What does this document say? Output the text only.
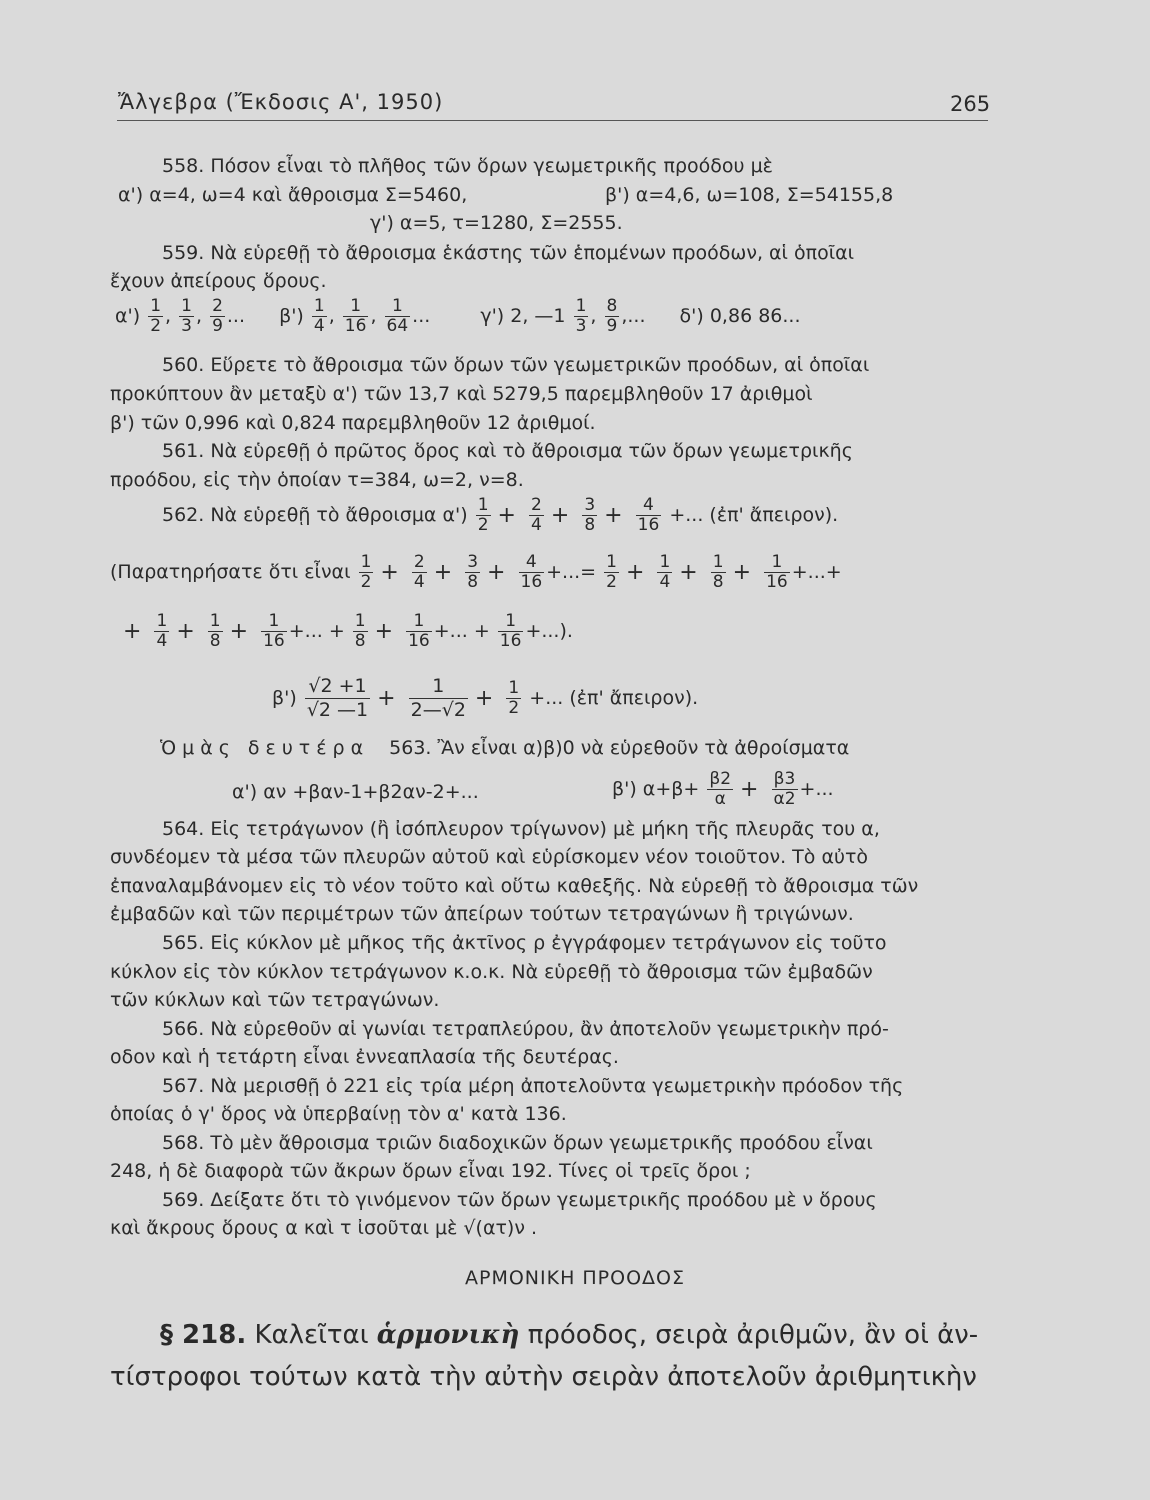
Ἄλγεβρα (Ἔκδοσις Α', 1950)	265
558. Πόσον εἶναι τὸ πλῆθος τῶν ὅρων γεωμετρικῆς προόδου μὲ
α') α=4, ω=4 καὶ ἄθροισμα Σ=5460,	β') α=4,6, ω=108, Σ=54155,8
γ') α=5, τ=1280, Σ=2555.
559. Νὰ εὑρεθῇ τὸ ἄθροισμα ἑκάστης τῶν ἑπομένων προόδων, αἱ ὁποῖαι
ἔχουν ἀπείρους ὅρους.
$\alpha') \frac{1}{2}$ , $\frac{1}{3}$ , $\frac{2}{9}$ ... $\beta') \frac{1}{4}$ , $\frac{1}{16}$ , $\frac{1}{64}$ ...	γ') 2, —1 $\frac{1}{3}$ , $\frac{8}{9}$ ,... δ') 0,86 86...
560. Εὕρετε τὸ ἄθροισμα τῶν ὅρων τῶν γεωμετρικῶν προόδων, αἱ ὁποῖαι
προκύπτουν ἂν μεταξὺ α') τῶν 13,7 καὶ 5279,5 παρεμβληθοῦν 17 ἀριθμοὶ
β') τῶν 0,996 καὶ 0,824 παρεμβληθοῦν 12 ἀριθμοί.
561. Νὰ εὑρεθῇ ὁ πρῶτος ὅρος καὶ τὸ ἄθροισμα τῶν ὅρων γεωμετρικῆς
προόδου, εἰς τὴν ὁποίαν τ=384, ω=2, ν=8.
562. Νὰ εὑρεθῇ τὸ ἄθροισμα $\alpha') \frac{1}{2} + \frac{2}{4} + \frac{3}{8} + \frac{4}{16}$ +... (ἐπ' ἄπειρον).
(Παρατηρήσατε ὅτι εἶναι $\frac{1}{2} + \frac{2}{4} + \frac{3}{8} + \frac{4}{16}$ +...= $\frac{1}{2} + \frac{1}{4} + \frac{1}{8} + \frac{1}{16}$ +...+
+ $\frac{1}{4} + \frac{1}{8} + \frac{1}{16}$ +... + $\frac{1}{8} + \frac{1}{16}$ +... + $\frac{1}{16}$ +...).
$\beta') \frac{√2 +1}{√2 —1} + \frac{1}{2—√2} + \frac{1}{2}$ +... (ἐπ' ἄπειρον).
Ὁμὰς δευτέρα 563. Ἂν εἶναι α)β)0 νὰ εὑρεθοῦν τὰ ἀθροίσματα
α') αν +βαν-1+β2αν-2+...	β') $\alpha+\beta+ \frac{\beta 2}{\alpha} + \frac{\beta 3}{\alpha 2}$ +...
564. Εἰς τετράγωνον (ἢ ἰσόπλευρον τρίγωνον) μὲ μήκη τῆς πλευρᾶς του α,
συνδέομεν τὰ μέσα τῶν πλευρῶν αὐτοῦ καὶ εὑρίσκομεν νέον τοιοῦτον. Τὸ αὐτὸ
ἐπαναλαμβάνομεν εἰς τὸ νέον τοῦτο καὶ οὕτω καθεξῆς. Νὰ εὑρεθῇ τὸ ἄθροισμα τῶν
ἐμβαδῶν καὶ τῶν περιμέτρων τῶν ἀπείρων τούτων τετραγώνων ἢ τριγώνων.
565. Εἰς κύκλον μὲ μῆκος τῆς ἀκτῖνος ρ ἐγγράφομεν τετράγωνον εἰς τοῦτο
κύκλον εἰς τὸν κύκλον τετράγωνον κ.ο.κ. Νὰ εὑρεθῇ τὸ ἄθροισμα τῶν ἐμβαδῶν
τῶν κύκλων καὶ τῶν τετραγώνων.
566. Νὰ εὑρεθοῦν αἱ γωνίαι τετραπλεύρου, ἂν ἀποτελοῦν γεωμετρικὴν πρό-
οδον καὶ ἡ τετάρτη εἶναι ἐννεαπλασία τῆς δευτέρας.
567. Νὰ μερισθῇ ὁ 221 εἰς τρία μέρη ἀποτελοῦντα γεωμετρικὴν πρόοδον τῆς
ὁποίας ὁ γ' ὅρος νὰ ὑπερβαίνῃ τὸν α' κατὰ 136.
568. Τὸ μὲν ἄθροισμα τριῶν διαδοχικῶν ὅρων γεωμετρικῆς προόδου εἶναι
248, ἡ δὲ διαφορὰ τῶν ἄκρων ὅρων εἶναι 192. Τίνες οἱ τρεῖς ὅροι ;
569. Δείξατε ὅτι τὸ γινόμενον τῶν ὅρων γεωμετρικῆς προόδου μὲ ν ὅρους
καὶ ἄκρους ὅρους α καὶ τ ἰσοῦται μὲ √(ατ)ν .
ΑΡΜΟΝΙΚΗ ΠΡΟΟΔΟΣ
§ 218. Καλεῖται ἁρμονικὴ πρόοδος, σειρὰ ἀριθμῶν, ἂν οἱ ἀν-
τίστροφοι τούτων κατὰ τὴν αὐτὴν σειρὰν ἀποτελοῦν ἀριθμητικὴν
